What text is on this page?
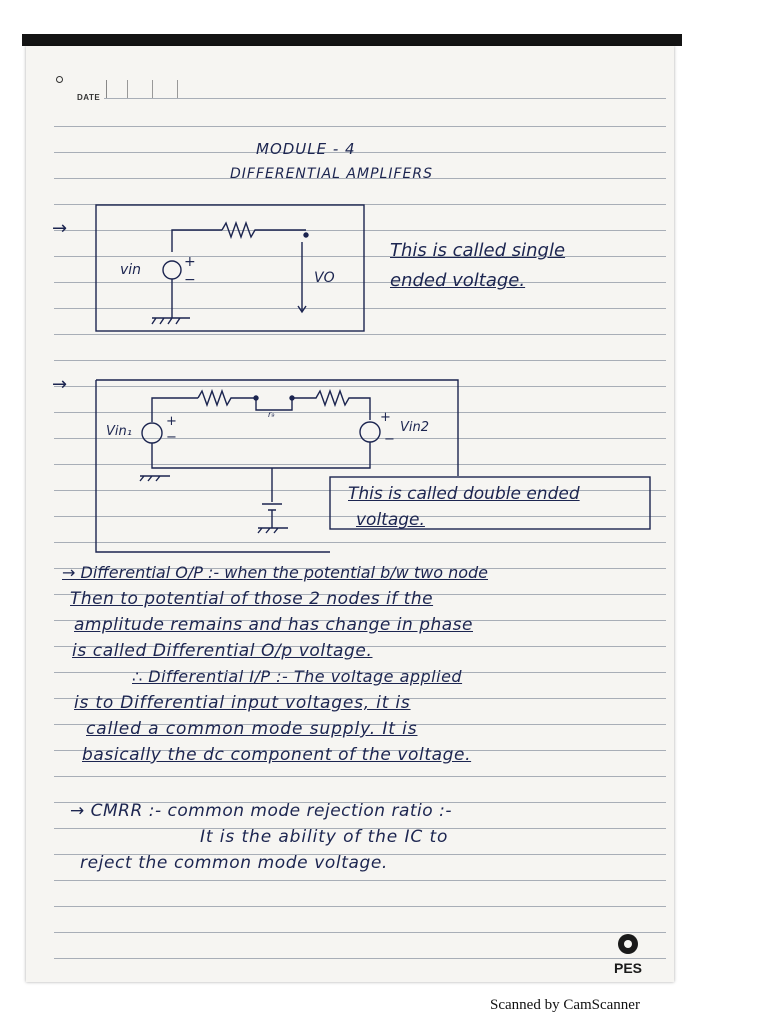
DATE
MODULE - 4
DIFFERENTIAL AMPLIFERS
→
→
vin	+
−	VO
This is called single
ended voltage.
Vin₁
+
−
r₉	+
−
Vin2
This is called double ended
voltage.
→ Differential O/P :- when the potential b/w two node
Then to potential of those 2 nodes if the
amplitude remains and has change in phase
is called Differential O/p voltage.
∴ Differential I/P :- The voltage applied
is to Differential input voltages, it is
called a common mode supply. It is
basically the dc component of the voltage.
→ CMRR :- common mode rejection ratio :-
It is the ability of the IC to
reject the common mode voltage.
PES
Scanned by CamScanner
